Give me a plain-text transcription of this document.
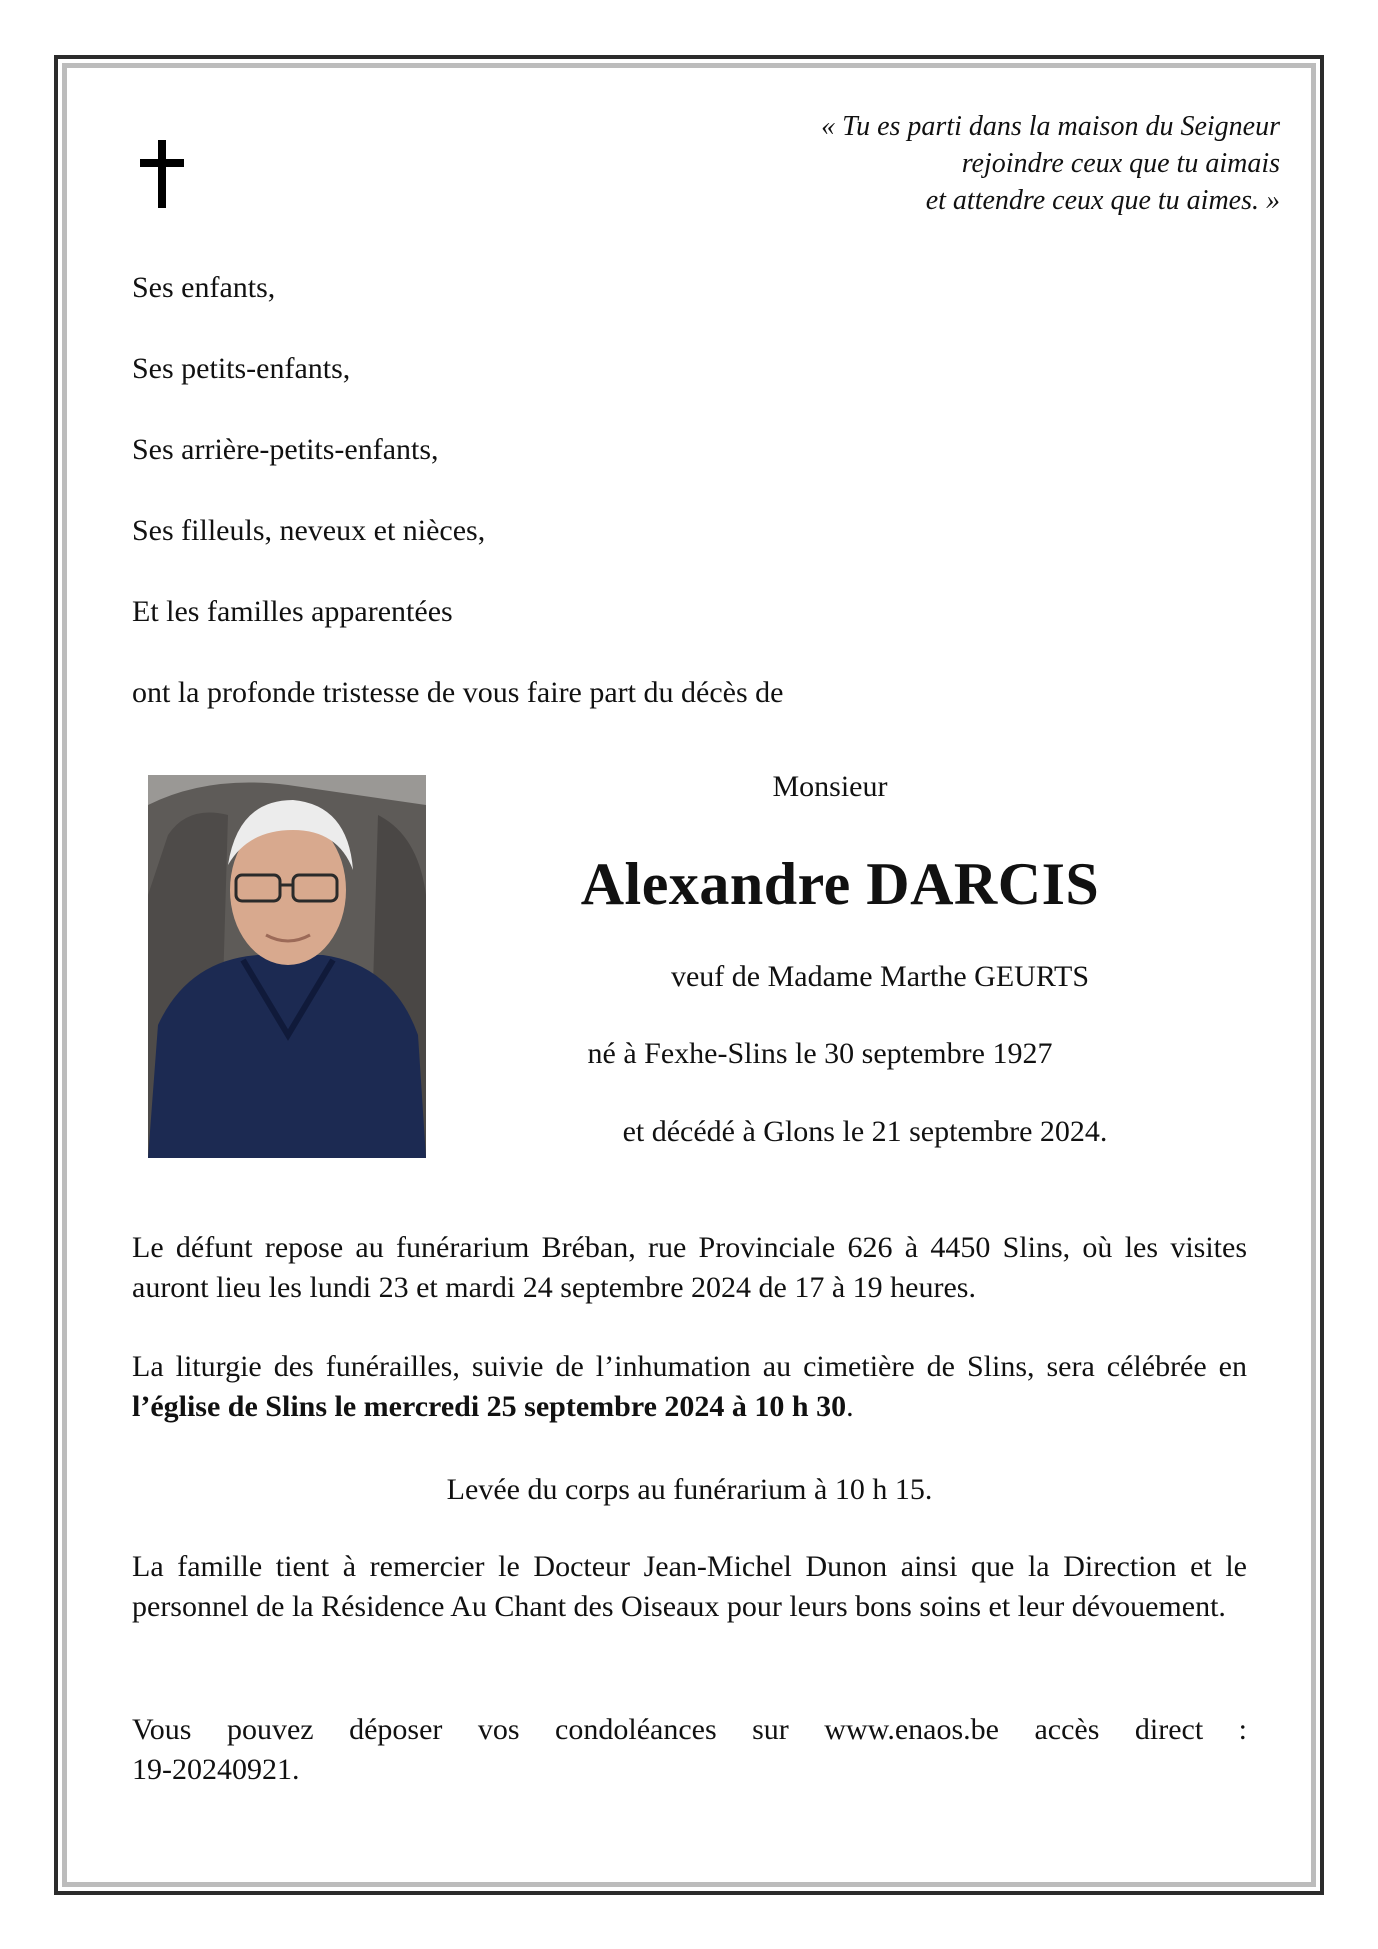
« Tu es parti dans la maison du Seigneur
rejoindre ceux que tu aimais
et attendre ceux que tu aimes. »
Ses enfants,
Ses petits-enfants,
Ses arrière-petits-enfants,
Ses filleuls, neveux et nièces,
Et les familles apparentées
ont la profonde tristesse de vous faire part du décès de
Monsieur
Alexandre DARCIS
veuf de Madame Marthe GEURTS
né à Fexhe-Slins le 30 septembre 1927
et décédé à Glons le 21 septembre 2024.
Le défunt repose au funérarium Bréban, rue Provinciale 626 à 4450 Slins, où les visites auront lieu les lundi 23 et mardi 24 septembre 2024 de 17 à 19 heures.
La liturgie des funérailles, suivie de l’inhumation au cimetière de Slins, sera célébrée en l’église de Slins le mercredi 25 septembre 2024 à 10 h 30.
Levée du corps au funérarium à 10 h 15.
La famille tient à remercier le Docteur Jean-Michel Dunon ainsi que la Direction et le personnel de la Résidence Au Chant des Oiseaux pour leurs bons soins et leur dévouement.
Vous pouvez déposer vos condoléances sur www.enaos.be accès direct :
19-20240921.
